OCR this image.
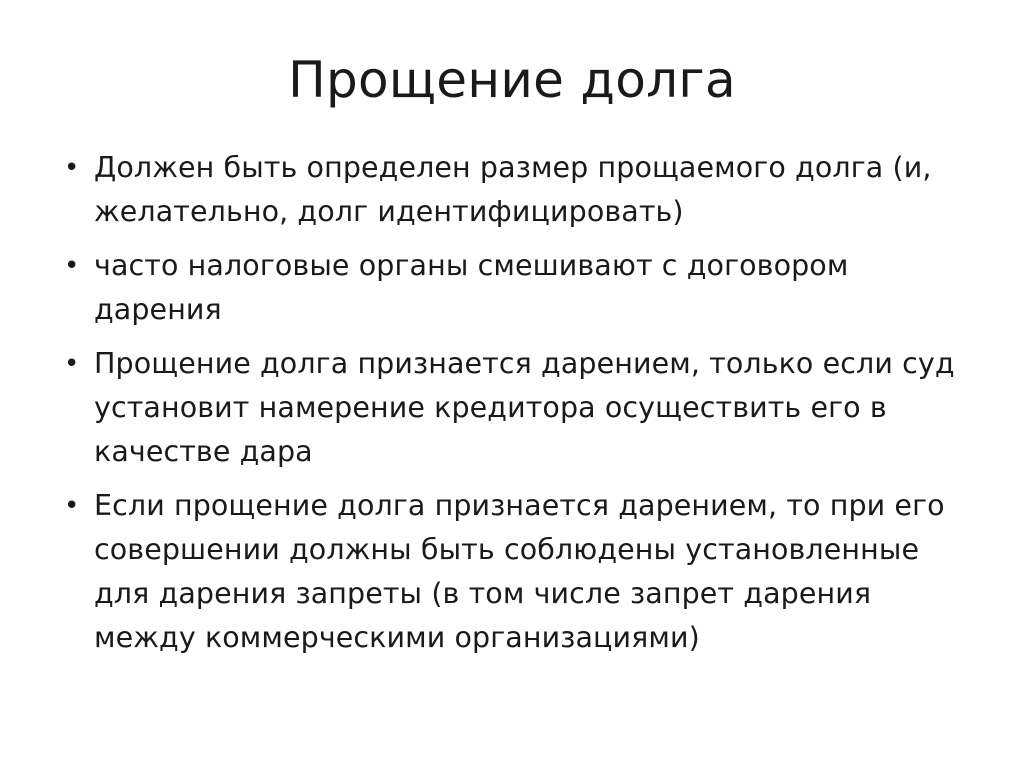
Прощение долга
• Должен быть определен размер прощаемого долга (и, желательно, долг идентифицировать)
• часто налоговые органы смешивают с договором дарения
• Прощение долга признается дарением, только если суд установит намерение кредитора осуществить его в качестве дара
• Если прощение долга признается дарением, то при его совершении должны быть соблюдены установленные для дарения запреты (в том числе запрет дарения между коммерческими организациями)
